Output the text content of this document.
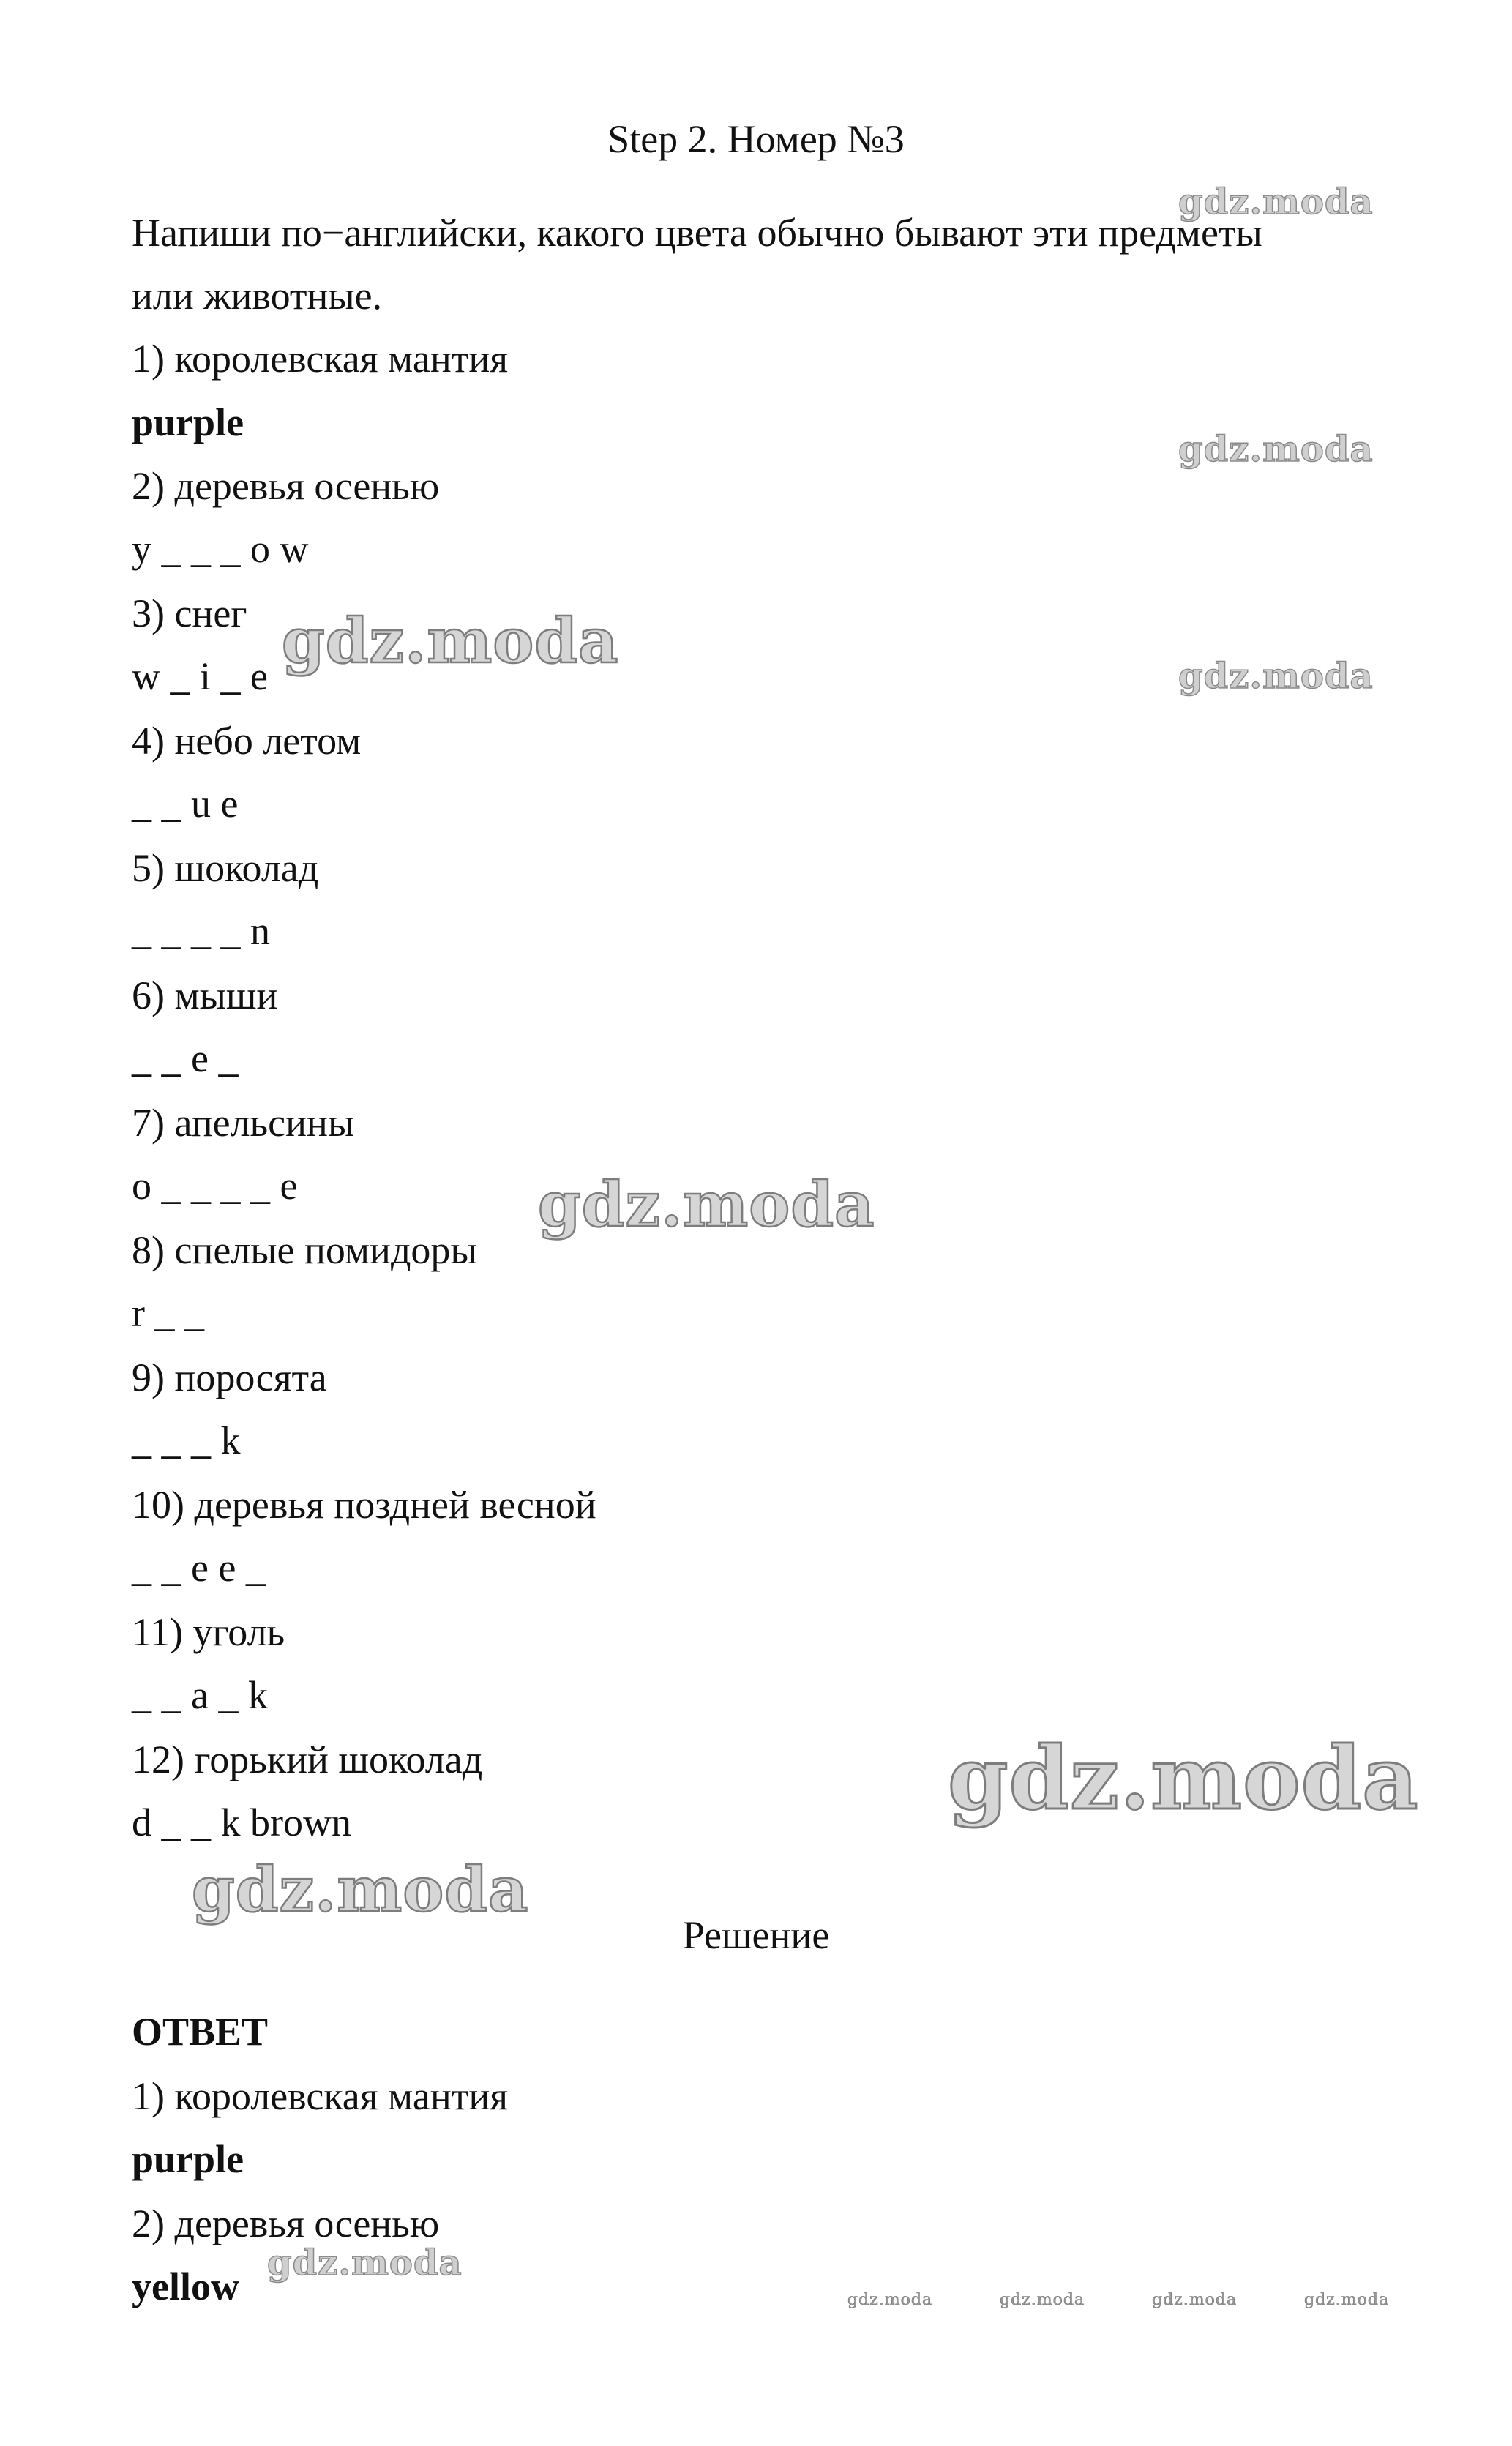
Step 2. Номер №3
Напиши по−английски, какого цвета обычно бывают эти предметы
или животные.
1) королевская мантия
purple
2) деревья осенью
y _ _ _ o w
3) снег
w _ i _ e
4) небо летом
_ _ u e
5) шоколад
_ _ _ _ n
6) мыши
_ _ e _
7) апельсины
o _ _ _ _ e
8) спелые помидоры
r _ _
9) поросята
_ _ _ k
10) деревья поздней весной
_ _ e e _
11) уголь
_ _ a _ k
12) горький шоколад
d _ _ k brown
Решение
ОТВЕТ
1) королевская мантия
purple
2) деревья осенью
yellow
gdz.moda
gdz.moda
gdz.moda
gdz.moda
gdz.moda
gdz.moda
gdz.moda
gdz.moda
gdz.moda	gdz.moda	gdz.moda	gdz.moda
